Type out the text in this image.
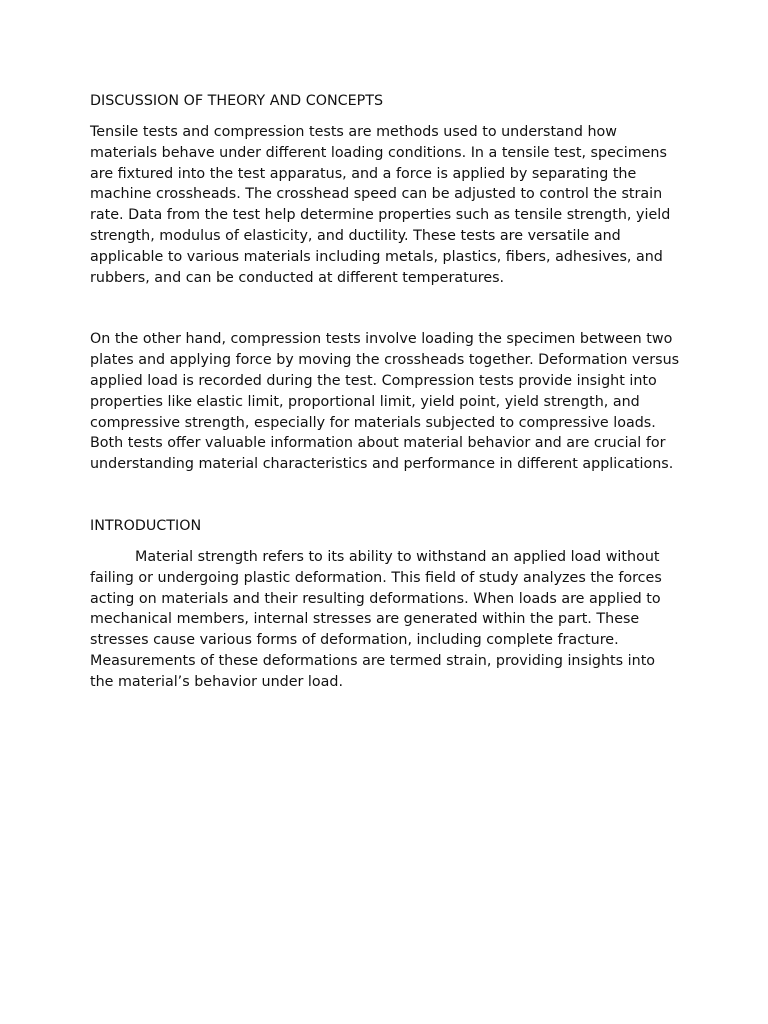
DISCUSSION OF THEORY AND CONCEPTS

Tensile tests and compression tests are methods used to understand how materials behave under different loading conditions. In a tensile test, specimens are fixtured into the test apparatus, and a force is applied by separating the machine crossheads. The crosshead speed can be adjusted to control the strain rate. Data from the test help determine properties such as tensile strength, yield strength, modulus of elasticity, and ductility. These tests are versatile and applicable to various materials including metals, plastics, fibers, adhesives, and rubbers, and can be conducted at different temperatures.

On the other hand, compression tests involve loading the specimen between two plates and applying force by moving the crossheads together. Deformation versus applied load is recorded during the test. Compression tests provide insight into properties like elastic limit, proportional limit, yield point, yield strength, and compressive strength, especially for materials subjected to compressive loads. Both tests offer valuable information about material behavior and are crucial for understanding material characteristics and performance in different applications.

INTRODUCTION

Material strength refers to its ability to withstand an applied load without failing or undergoing plastic deformation. This field of study analyzes the forces acting on materials and their resulting deformations. When loads are applied to mechanical members, internal stresses are generated within the part. These stresses cause various forms of deformation, including complete fracture. Measurements of these deformations are termed strain, providing insights into the material’s behavior under load.
